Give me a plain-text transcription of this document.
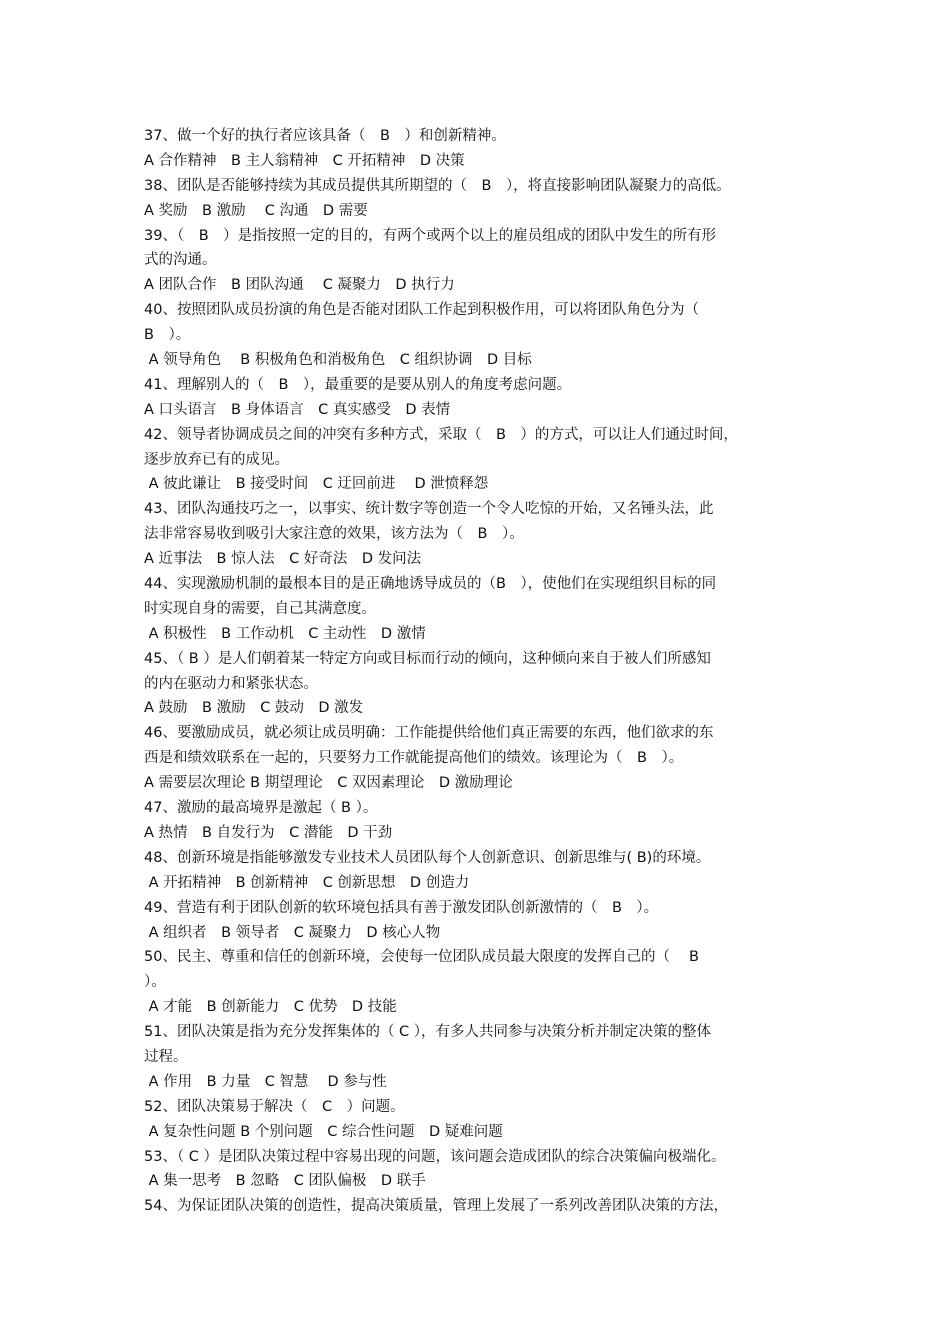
37、做一个好的执行者应该具备（　B　）和创新精神。
A 合作精神　B 主人翁精神　C 开拓精神　D 决策
38、团队是否能够持续为其成员提供其所期望的（　B　），将直接影响团队凝聚力的高低。
A 奖励　B 激励　 C 沟通　D 需要
39、（　B　）是指按照一定的目的，有两个或两个以上的雇员组成的团队中发生的所有形
式的沟通。
A 团队合作　B 团队沟通　 C 凝聚力　D 执行力
40、按照团队成员扮演的角色是否能对团队工作起到积极作用，可以将团队角色分为（
B　）。
A 领导角色　 B 积极角色和消极角色　C 组织协调　D 目标
41、理解别人的（　B　），最重要的是要从别人的角度考虑问题。
A 口头语言　B 身体语言　C 真实感受　D 表情
42、领导者协调成员之间的冲突有多种方式，采取（　B　）的方式，可以让人们通过时间，
逐步放弃已有的成见。
A 彼此谦让　B 接受时间　C 迂回前进　 D 泄愤释怨
43、团队沟通技巧之一，以事实、统计数字等创造一个令人吃惊的开始，又名锤头法，此
法非常容易收到吸引大家注意的效果，该方法为（　B　）。
A 近事法　B 惊人法　C 好奇法　D 发问法
44、实现激励机制的最根本目的是正确地诱导成员的（B　），使他们在实现组织目标的同
时实现自身的需要，自己其满意度。
A 积极性　B 工作动机　C 主动性　D 激情
45、（ B ）是人们朝着某一特定方向或目标而行动的倾向，这种倾向来自于被人们所感知
的内在驱动力和紧张状态。
A 鼓励　B 激励　C 鼓动　D 激发
46、要激励成员，就必须让成员明确：工作能提供给他们真正需要的东西，他们欲求的东
西是和绩效联系在一起的，只要努力工作就能提高他们的绩效。该理论为（　B　）。
A 需要层次理论 B 期望理论　C 双因素理论　D 激励理论
47、激励的最高境界是激起（ B ）。
A 热情　B 自发行为　C 潜能　D 干劲
48、创新环境是指能够激发专业技术人员团队每个人创新意识、创新思维与( B)的环境。
A 开拓精神　B 创新精神　C 创新思想　D 创造力
49、营造有利于团队创新的软环境包括具有善于激发团队创新激情的（　B　）。
A 组织者　B 领导者　C 凝聚力　D 核心人物
50、民主、尊重和信任的创新环境，会使每一位团队成员最大限度的发挥自己的（　 B
）。
A 才能　B 创新能力　C 优势　D 技能
51、团队决策是指为充分发挥集体的（ C ），有多人共同参与决策分析并制定决策的整体
过程。
A 作用　B 力量　C 智慧　 D 参与性
52、团队决策易于解决（　C　）问题。
A 复杂性问题 B 个别问题　C 综合性问题　D 疑难问题
53、（ C ）是团队决策过程中容易出现的问题，该问题会造成团队的综合决策偏向极端化。
A 集一思考　B 忽略　C 团队偏极　D 联手
54、为保证团队决策的创造性，提高决策质量，管理上发展了一系列改善团队决策的方法，
